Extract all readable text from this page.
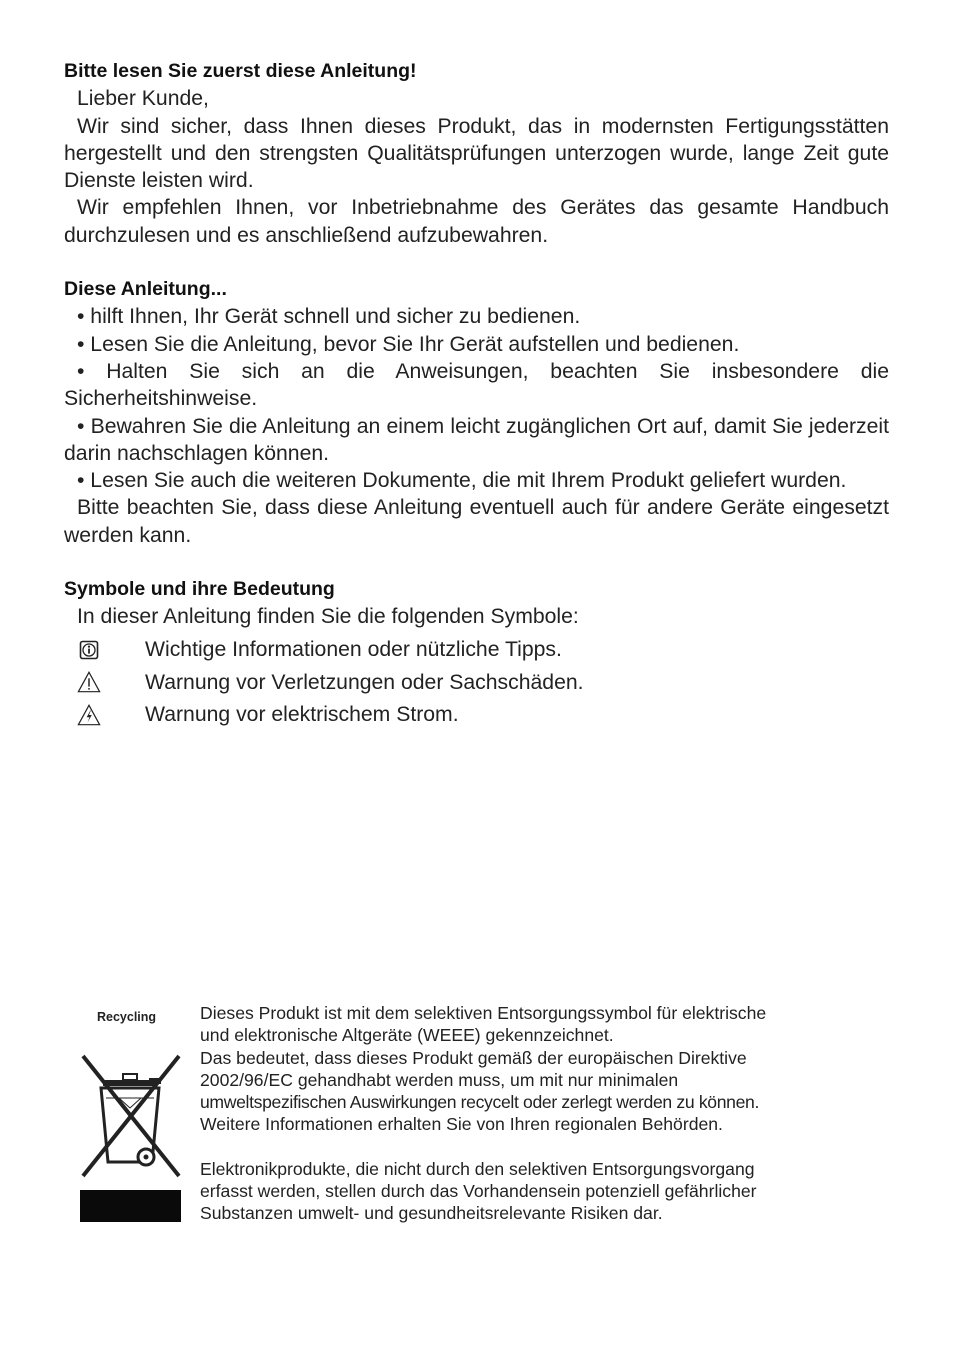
Bitte lesen Sie zuerst diese Anleitung!

Lieber Kunde,

Wir sind sicher, dass Ihnen dieses Produkt, das in modernsten Fertigungsstätten hergestellt und den strengsten Qualitätsprüfungen unterzogen wurde, lange Zeit gute Dienste leisten wird.

Wir empfehlen Ihnen, vor Inbetriebnahme des Gerätes das gesamte Handbuch durchzulesen und es anschließend aufzubewahren.

Diese Anleitung...

• hilft Ihnen, Ihr Gerät schnell und sicher zu bedienen.

• Lesen Sie die Anleitung, bevor Sie Ihr Gerät aufstellen und bedienen.

• Halten Sie sich an die Anweisungen, beachten Sie insbesondere die Sicherheitshinweise.

• Bewahren Sie die Anleitung an einem leicht zugänglichen Ort auf, damit Sie jederzeit darin nachschlagen können.

• Lesen Sie auch die weiteren Dokumente, die mit Ihrem Produkt geliefert wurden.

Bitte beachten Sie, dass diese Anleitung eventuell auch für andere Geräte eingesetzt werden kann.

Symbole und ihre Bedeutung

In dieser Anleitung finden Sie die folgenden Symbole:

Wichtige Informationen oder nützliche Tipps.
Warnung vor Verletzungen oder Sachschäden.
Warnung vor elektrischem Strom.
Recycling Dieses Produkt ist mit dem selektiven Entsorgungssymbol für elektrische
und elektronische Altgeräte (WEEE) gekennzeichnet.
Das bedeutet, dass dieses Produkt gemäß der europäischen Direktive
2002/96/EC gehandhabt werden muss, um mit nur minimalen
umweltspezifischen Auswirkungen recycelt oder zerlegt werden zu können.
Weitere Informationen erhalten Sie von Ihren regionalen Behörden.
Elektronikprodukte, die nicht durch den selektiven Entsorgungsvorgang
erfasst werden, stellen durch das Vorhandensein potenziell gefährlicher
Substanzen umwelt- und gesundheitsrelevante Risiken dar.
